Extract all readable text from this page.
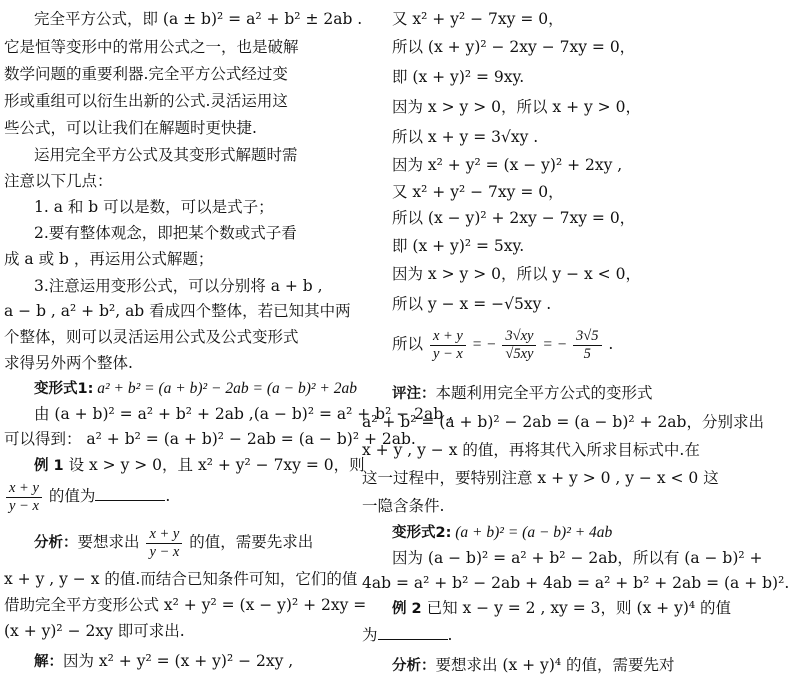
完全平方公式，即 (a ± b)² = a² + b² ± 2ab .
它是恒等变形中的常用公式之一，也是破解
数学问题的重要利器.完全平方公式经过变
形或重组可以衍生出新的公式.灵活运用这
些公式，可以让我们在解题时更快捷.
运用完全平方公式及其变形式解题时需
注意以下几点：
1. a 和 b 可以是数，可以是式子；
2.要有整体观念，即把某个数或式子看
成 a 或 b ，再运用公式解题；
3.注意运用变形公式，可以分别将 a + b ,
a − b , a² + b², ab 看成四个整体，若已知其中两
个整体，则可以灵活运用公式及公式变形式
求得另外两个整体.
变形式1: a² + b² = (a + b)² − 2ab = (a − b)² + 2ab
由 (a + b)² = a² + b² + 2ab ,(a − b)² = a² + b² − 2ab ,
可以得到： a² + b² = (a + b)² − 2ab = (a − b)² + 2ab.
例 1 设 x > y > 0，且 x² + y² − 7xy = 0，则
$\frac{x + y}{y - x}$ 的值为	.
分析：要想求出 $\frac{x + y}{y - x}$ 的值，需要先求出
x + y , y − x 的值.而结合已知条件可知，它们的值
借助完全平方变形公式 x² + y² = (x − y)² + 2xy =
(x + y)² − 2xy 即可求出.
解：因为 x² + y² = (x + y)² − 2xy ,
又 x² + y² − 7xy = 0，
所以 (x + y)² − 2xy − 7xy = 0，
即 (x + y)² = 9xy.
因为 x > y > 0，所以 x + y > 0，
所以 x + y = 3√xy .
因为 x² + y² = (x − y)² + 2xy ,
又 x² + y² − 7xy = 0，
所以 (x − y)² + 2xy − 7xy = 0，
即 (x + y)² = 5xy.
因为 x > y > 0，所以 y − x < 0，
所以 y − x = −√5xy .
所以 $\frac{x + y}{y - x}$ = − $\frac{3√xy}{√5xy}$ = − $\frac{3√5}{5}$ .
评注：本题利用完全平方公式的变形式
a² + b² = (a + b)² − 2ab = (a − b)² + 2ab，分别求出
x + y , y − x 的值，再将其代入所求目标式中.在
这一过程中，要特别注意 x + y > 0 , y − x < 0 这
一隐含条件.
变形式2: (a + b)² = (a − b)² + 4ab
因为 (a − b)² = a² + b² − 2ab，所以有 (a − b)² +
4ab = a² + b² − 2ab + 4ab = a² + b² + 2ab = (a + b)².
例 2 已知 x − y = 2 , xy = 3，则 (x + y)⁴ 的值
为	.
分析：要想求出 (x + y)⁴ 的值，需要先对
